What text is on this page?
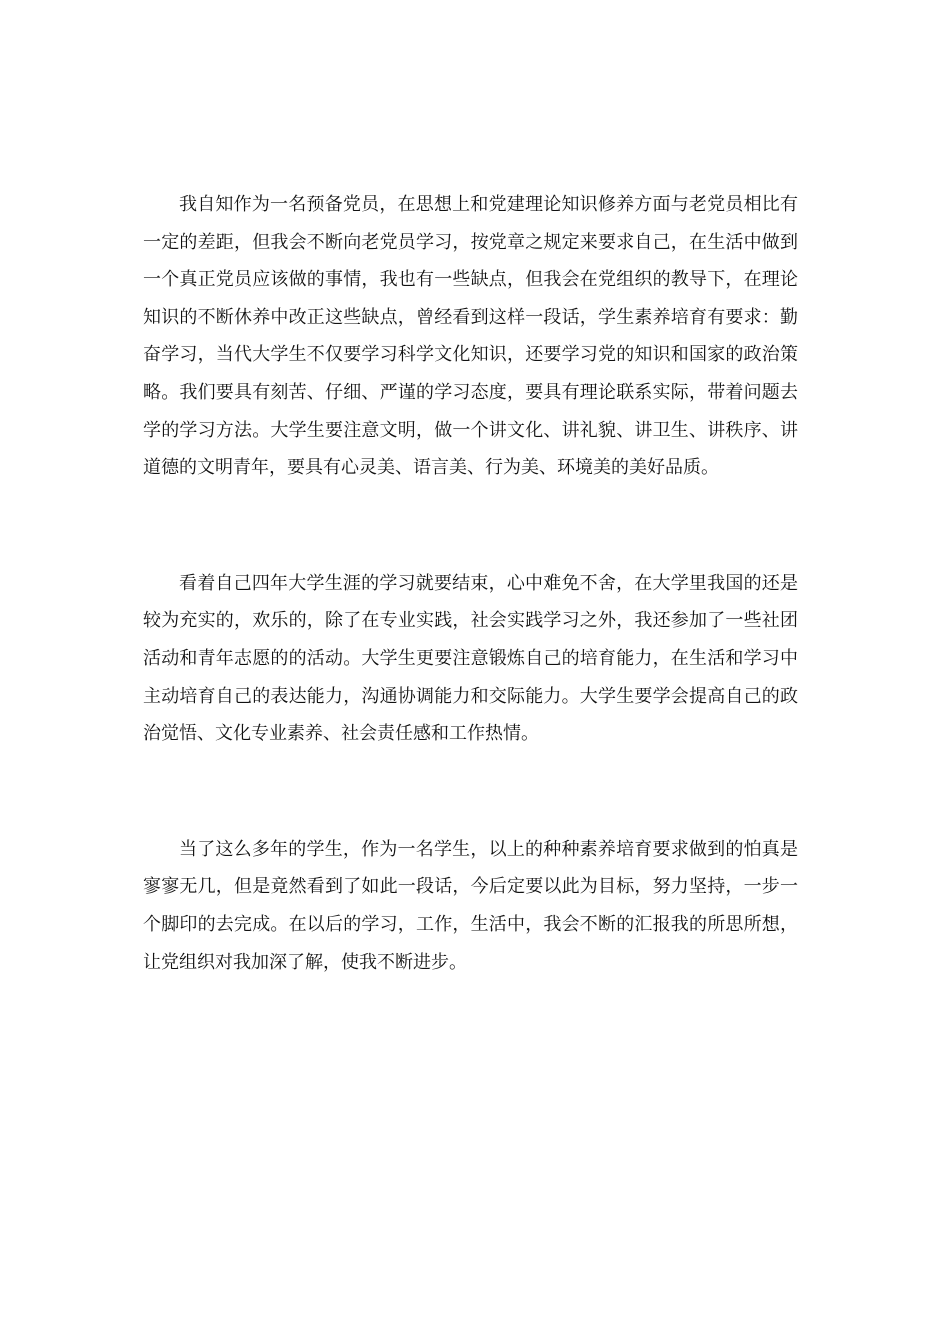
我自知作为一名预备党员，在思想上和党建理论知识修养方面与老党员相比有一定的差距，但我会不断向老党员学习，按党章之规定来要求自己，在生活中做到一个真正党员应该做的事情，我也有一些缺点，但我会在党组织的教导下，在理论知识的不断休养中改正这些缺点，曾经看到这样一段话，学生素养培育有要求：勤奋学习，当代大学生不仅要学习科学文化知识，还要学习党的知识和国家的政治策略。我们要具有刻苦、仔细、严谨的学习态度，要具有理论联系实际，带着问题去学的学习方法。大学生要注意文明，做一个讲文化、讲礼貌、讲卫生、讲秩序、讲道德的文明青年，要具有心灵美、语言美、行为美、环境美的美好品质。

看着自己四年大学生涯的学习就要结束，心中难免不舍，在大学里我国的还是较为充实的，欢乐的，除了在专业实践，社会实践学习之外，我还参加了一些社团活动和青年志愿的的活动。大学生更要注意锻炼自己的培育能力，在生活和学习中主动培育自己的表达能力，沟通协调能力和交际能力。大学生要学会提高自己的政治觉悟、文化专业素养、社会责任感和工作热情。

当了这么多年的学生，作为一名学生，以上的种种素养培育要求做到的怕真是寥寥无几，但是竟然看到了如此一段话，今后定要以此为目标，努力坚持，一步一个脚印的去完成。在以后的学习，工作，生活中，我会不断的汇报我的所思所想，让党组织对我加深了解，使我不断进步。
